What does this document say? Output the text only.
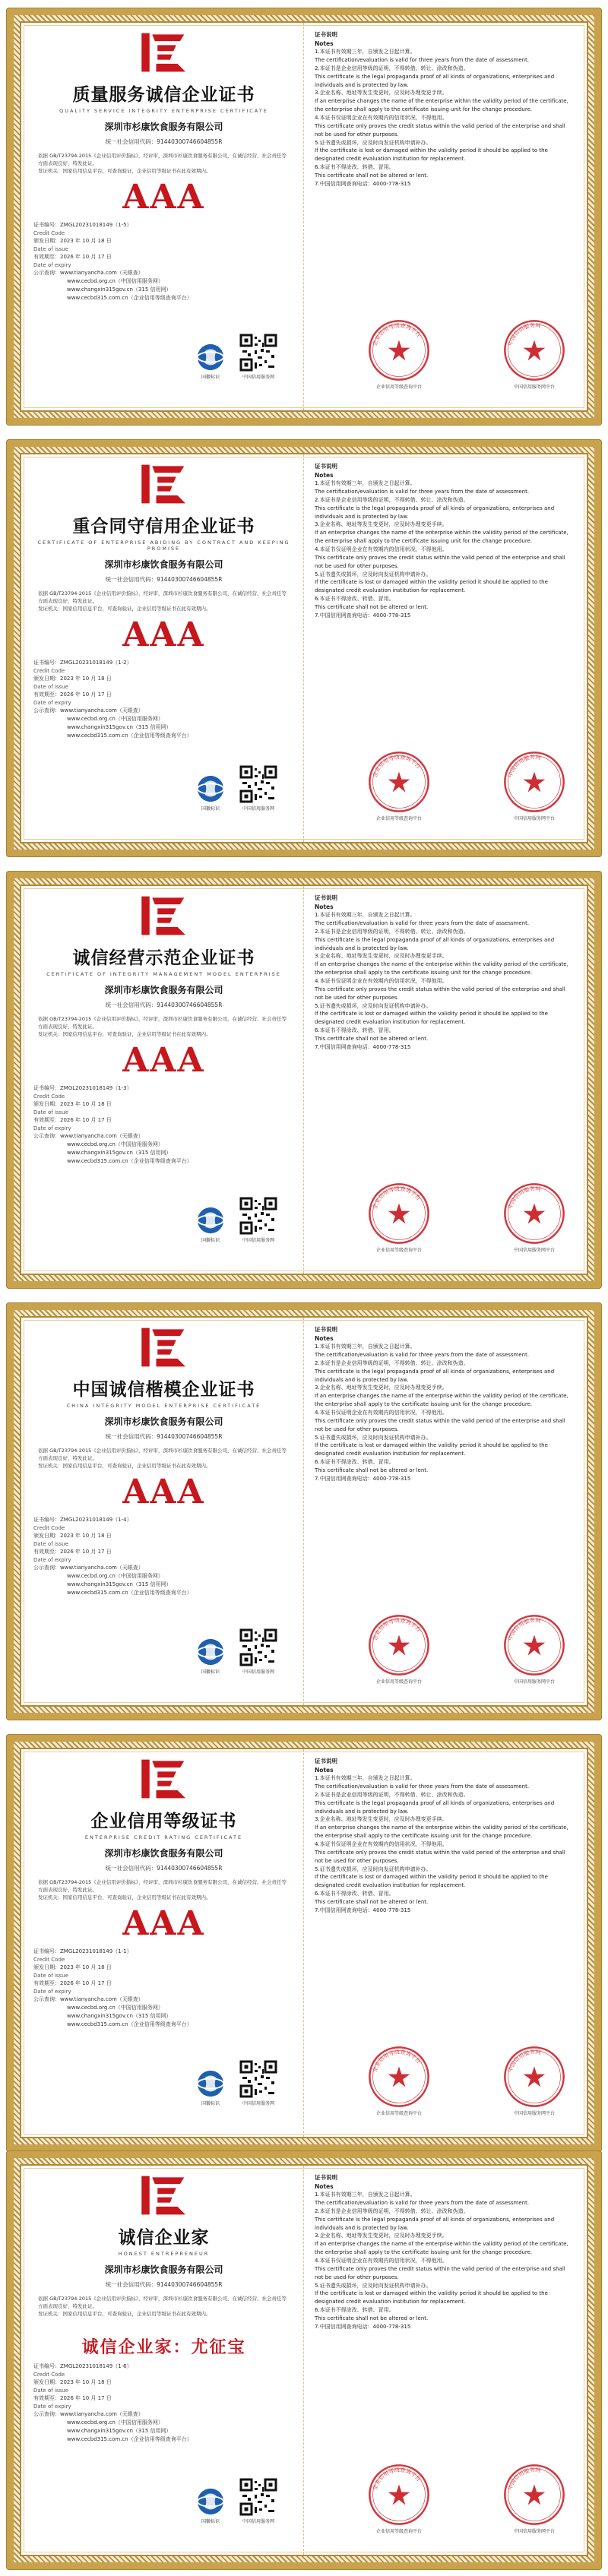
质量服务诚信企业证书
QUALITY SERVICE INTEGRITY ENTERPRISE CERTIFICATE
深圳市杉康饮食服务有限公司
统一社会信用代码：91440300746604855R
依据 GB/T23794-2015《企业信用评价指标》，经评审，深圳市杉康饮食服务有限公司，在诚信经营、社会责任等方面表现良好，特发此证。
发证机关：国家信用信息平台，可查询验证，企业信用等级证书在此有效期内。
AAA
证书编号：ZMGL20231018149（1-5）
Credit Code
颁发日期：2023 年 10 月 18 日
Date of issue
有效期至：2026 年 10 月 17 日
Date of expiry
公示查询：www.tianyancha.com（天眼查）
www.cecbd.org.cn（中国信用服务网）
www.changxin315gov.cn（315 信用网）
www.cecbd315.com.cn（企业信用等级查询平台）
国徽标识	中国信用服务网
证书说明
Notes
1.本证书有效期三年，自颁发之日起计算。
The certification/evaluation is valid for three years from the date of assessment.
2.本证书是企业信用等级的证明，不得转借、转让、涂改和伪造。
This certificate is the legal propaganda proof of all kinds of organizations, enterprises and individuals and is protected by law.
3.企业名称、地址等发生变更时，应及时办理变更手续。
If an enterprise changes the name of the enterprise within the validity period of the certificate, the enterprise shall apply to the certificate issuing unit for the change procedure.
4.本证书仅证明企业在有效期内的信用状况，不得他用。
This certificate only proves the credit status within the valid period of the enterprise and shall not be used for other purposes.
5.证书遗失或损坏，应及时向发证机构申请补办。
If the certificate is lost or damaged within the validity period it should be applied to the designated credit evaluation institution for replacement.
6.本证书不得涂改、转借、冒用。
This certificate shall not be altered or lent.
7.中国信用网查询电话：4000-778-315
企业信用等级查询平台
企业信用等级查询平台
中国信用服务网
中国信用服务网平台
重合同守信用企业证书
CERTIFICATE OF ENTERPRISE ABIDING BY CONTRACT AND KEEPING PROMISE
深圳市杉康饮食服务有限公司
统一社会信用代码：91440300746604855R
依据 GB/T23794-2015《企业信用评价指标》，经评审，深圳市杉康饮食服务有限公司，在诚信经营、社会责任等方面表现良好，特发此证。
发证机关：国家信用信息平台，可查询验证，企业信用等级证书在此有效期内。
AAA
证书编号：ZMGL20231018149（1-2）
Credit Code
颁发日期：2023 年 10 月 18 日
Date of issue
有效期至：2026 年 10 月 17 日
Date of expiry
公示查询：www.tianyancha.com（天眼查）
www.cecbd.org.cn（中国信用服务网）
www.changxin315gov.cn（315 信用网）
www.cecbd315.com.cn（企业信用等级查询平台）
国徽标识	中国信用服务网
证书说明
Notes
1.本证书有效期三年，自颁发之日起计算。
The certification/evaluation is valid for three years from the date of assessment.
2.本证书是企业信用等级的证明，不得转借、转让、涂改和伪造。
This certificate is the legal propaganda proof of all kinds of organizations, enterprises and individuals and is protected by law.
3.企业名称、地址等发生变更时，应及时办理变更手续。
If an enterprise changes the name of the enterprise within the validity period of the certificate, the enterprise shall apply to the certificate issuing unit for the change procedure.
4.本证书仅证明企业在有效期内的信用状况，不得他用。
This certificate only proves the credit status within the valid period of the enterprise and shall not be used for other purposes.
5.证书遗失或损坏，应及时向发证机构申请补办。
If the certificate is lost or damaged within the validity period it should be applied to the designated credit evaluation institution for replacement.
6.本证书不得涂改、转借、冒用。
This certificate shall not be altered or lent.
7.中国信用网查询电话：4000-778-315
企业信用等级查询平台
企业信用等级查询平台
中国信用服务网
中国信用服务网平台
诚信经营示范企业证书
CERTIFICATE OF INTEGRITY MANAGEMENT MODEL ENTERPRISE
深圳市杉康饮食服务有限公司
统一社会信用代码：91440300746604855R
依据 GB/T23794-2015《企业信用评价指标》，经评审，深圳市杉康饮食服务有限公司，在诚信经营、社会责任等方面表现良好，特发此证。
发证机关：国家信用信息平台，可查询验证，企业信用等级证书在此有效期内。
AAA
证书编号：ZMGL20231018149（1-3）
Credit Code
颁发日期：2023 年 10 月 18 日
Date of issue
有效期至：2026 年 10 月 17 日
Date of expiry
公示查询：www.tianyancha.com（天眼查）
www.cecbd.org.cn（中国信用服务网）
www.changxin315gov.cn（315 信用网）
www.cecbd315.com.cn（企业信用等级查询平台）
国徽标识	中国信用服务网
证书说明
Notes
1.本证书有效期三年，自颁发之日起计算。
The certification/evaluation is valid for three years from the date of assessment.
2.本证书是企业信用等级的证明，不得转借、转让、涂改和伪造。
This certificate is the legal propaganda proof of all kinds of organizations, enterprises and individuals and is protected by law.
3.企业名称、地址等发生变更时，应及时办理变更手续。
If an enterprise changes the name of the enterprise within the validity period of the certificate, the enterprise shall apply to the certificate issuing unit for the change procedure.
4.本证书仅证明企业在有效期内的信用状况，不得他用。
This certificate only proves the credit status within the valid period of the enterprise and shall not be used for other purposes.
5.证书遗失或损坏，应及时向发证机构申请补办。
If the certificate is lost or damaged within the validity period it should be applied to the designated credit evaluation institution for replacement.
6.本证书不得涂改、转借、冒用。
This certificate shall not be altered or lent.
7.中国信用网查询电话：4000-778-315
企业信用等级查询平台
企业信用等级查询平台
中国信用服务网
中国信用服务网平台
中国诚信楷模企业证书
CHINA INTEGRITY MODEL ENTERPRISE CERTIFICATE
深圳市杉康饮食服务有限公司
统一社会信用代码：91440300746604855R
依据 GB/T23794-2015《企业信用评价指标》，经评审，深圳市杉康饮食服务有限公司，在诚信经营、社会责任等方面表现良好，特发此证。
发证机关：国家信用信息平台，可查询验证，企业信用等级证书在此有效期内。
AAA
证书编号：ZMGL20231018149（1-4）
Credit Code
颁发日期：2023 年 10 月 18 日
Date of issue
有效期至：2026 年 10 月 17 日
Date of expiry
公示查询：www.tianyancha.com（天眼查）
www.cecbd.org.cn（中国信用服务网）
www.changxin315gov.cn（315 信用网）
www.cecbd315.com.cn（企业信用等级查询平台）
国徽标识	中国信用服务网
证书说明
Notes
1.本证书有效期三年，自颁发之日起计算。
The certification/evaluation is valid for three years from the date of assessment.
2.本证书是企业信用等级的证明，不得转借、转让、涂改和伪造。
This certificate is the legal propaganda proof of all kinds of organizations, enterprises and individuals and is protected by law.
3.企业名称、地址等发生变更时，应及时办理变更手续。
If an enterprise changes the name of the enterprise within the validity period of the certificate, the enterprise shall apply to the certificate issuing unit for the change procedure.
4.本证书仅证明企业在有效期内的信用状况，不得他用。
This certificate only proves the credit status within the valid period of the enterprise and shall not be used for other purposes.
5.证书遗失或损坏，应及时向发证机构申请补办。
If the certificate is lost or damaged within the validity period it should be applied to the designated credit evaluation institution for replacement.
6.本证书不得涂改、转借、冒用。
This certificate shall not be altered or lent.
7.中国信用网查询电话：4000-778-315
企业信用等级查询平台
企业信用等级查询平台
中国信用服务网
中国信用服务网平台
企业信用等级证书
ENTERPRISE CREDIT RATING CERTIFICATE
深圳市杉康饮食服务有限公司
统一社会信用代码：91440300746604855R
依据 GB/T23794-2015《企业信用评价指标》，经评审，深圳市杉康饮食服务有限公司，在诚信经营、社会责任等方面表现良好，特发此证。
发证机关：国家信用信息平台，可查询验证，企业信用等级证书在此有效期内。
AAA
证书编号：ZMGL20231018149（1-1）
Credit Code
颁发日期：2023 年 10 月 18 日
Date of issue
有效期至：2026 年 10 月 17 日
Date of expiry
公示查询：www.tianyancha.com（天眼查）
www.cecbd.org.cn（中国信用服务网）
www.changxin315gov.cn（315 信用网）
www.cecbd315.com.cn（企业信用等级查询平台）
国徽标识	中国信用服务网
证书说明
Notes
1.本证书有效期三年，自颁发之日起计算。
The certification/evaluation is valid for three years from the date of assessment.
2.本证书是企业信用等级的证明，不得转借、转让、涂改和伪造。
This certificate is the legal propaganda proof of all kinds of organizations, enterprises and individuals and is protected by law.
3.企业名称、地址等发生变更时，应及时办理变更手续。
If an enterprise changes the name of the enterprise within the validity period of the certificate, the enterprise shall apply to the certificate issuing unit for the change procedure.
4.本证书仅证明企业在有效期内的信用状况，不得他用。
This certificate only proves the credit status within the valid period of the enterprise and shall not be used for other purposes.
5.证书遗失或损坏，应及时向发证机构申请补办。
If the certificate is lost or damaged within the validity period it should be applied to the designated credit evaluation institution for replacement.
6.本证书不得涂改、转借、冒用。
This certificate shall not be altered or lent.
7.中国信用网查询电话：4000-778-315
企业信用等级查询平台
企业信用等级查询平台
中国信用服务网
中国信用服务网平台
诚信企业家
HONEST ENTREPRENEUR
深圳市杉康饮食服务有限公司
统一社会信用代码：91440300746604855R
依据 GB/T23794-2015《企业信用评价指标》，经评审，深圳市杉康饮食服务有限公司，在诚信经营、社会责任等方面表现良好，特发此证。
发证机关：国家信用信息平台，可查询验证，企业信用等级证书在此有效期内。
诚信企业家：尤征宝
证书编号：ZMGL20231018149（1-6）
Credit Code
颁发日期：2023 年 10 月 18 日
Date of issue
有效期至：2026 年 10 月 17 日
Date of expiry
公示查询：www.tianyancha.com（天眼查）
www.cecbd.org.cn（中国信用服务网）
www.changxin315gov.cn（315 信用网）
www.cecbd315.com.cn（企业信用等级查询平台）
国徽标识	中国信用服务网
证书说明
Notes
1.本证书有效期三年，自颁发之日起计算。
The certification/evaluation is valid for three years from the date of assessment.
2.本证书是企业信用等级的证明，不得转借、转让、涂改和伪造。
This certificate is the legal propaganda proof of all kinds of organizations, enterprises and individuals and is protected by law.
3.企业名称、地址等发生变更时，应及时办理变更手续。
If an enterprise changes the name of the enterprise within the validity period of the certificate, the enterprise shall apply to the certificate issuing unit for the change procedure.
4.本证书仅证明企业在有效期内的信用状况，不得他用。
This certificate only proves the credit status within the valid period of the enterprise and shall not be used for other purposes.
5.证书遗失或损坏，应及时向发证机构申请补办。
If the certificate is lost or damaged within the validity period it should be applied to the designated credit evaluation institution for replacement.
6.本证书不得涂改、转借、冒用。
This certificate shall not be altered or lent.
7.中国信用网查询电话：4000-778-315
企业信用等级查询平台
企业信用等级查询平台
中国信用服务网
中国信用服务网平台
